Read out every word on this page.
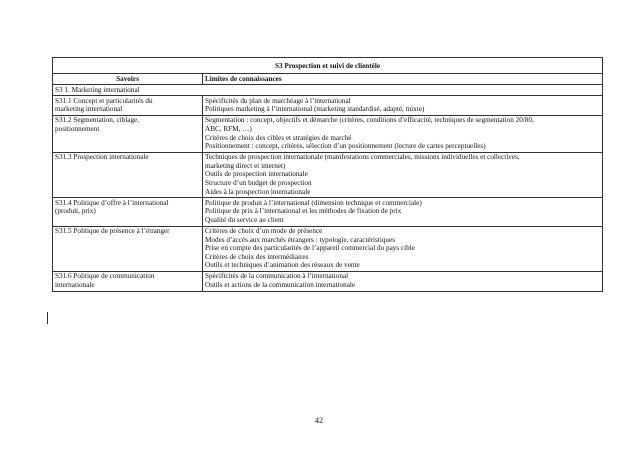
S3 Prospection et suivi de clientèle	
Savoirs	Limites de connaissances
S3 1. Marketing international	

S31.1 Concept et particularités du
marketing international	Spécificités du plan de marchéage à l’international
Politiques marketing à l’international (marketing standardisé, adapté, mixte)

S31.2 Segmentation, ciblage,
positionnement	Segmentation : concept, objectifs et démarche (critères, conditions d’efficacité, techniques de segmentation 20/80,
ABC, RFM, …)
Critères de choix des cibles et stratégies de marché
Positionnement : concept, critères, sélection d’un positionnement (lecture de cartes perceptuelles)

S31.3 Prospection internationale	Techniques de prospection internationale (manifestations commerciales, missions individuelles et collectives,
marketing direct et internet)
Outils de prospection internationale
Structure d’un budget de prospection
Aides à la prospection internationale

S31.4 Politique d’offre à l’international
(produit, prix)	Politique de produit à l’international (dimension technique et commerciale)
Politique de prix à l’international et les méthodes de fixation de prix
Qualité du service au client

S31.5 Politique de présence à l’étranger	Critères de choix d’un mode de présence
Modes d’accès aux marchés étrangers : typologie, caractéristiques
Prise en compte des particularités de l’appareil commercial du pays cible
Critères de choix des intermédiaires
Outils et techniques d’animation des réseaux de vente

S31.6 Politique de communication
internationale	Spécificités de la communication à l’international
Outils et actions de la communication internationale
42
